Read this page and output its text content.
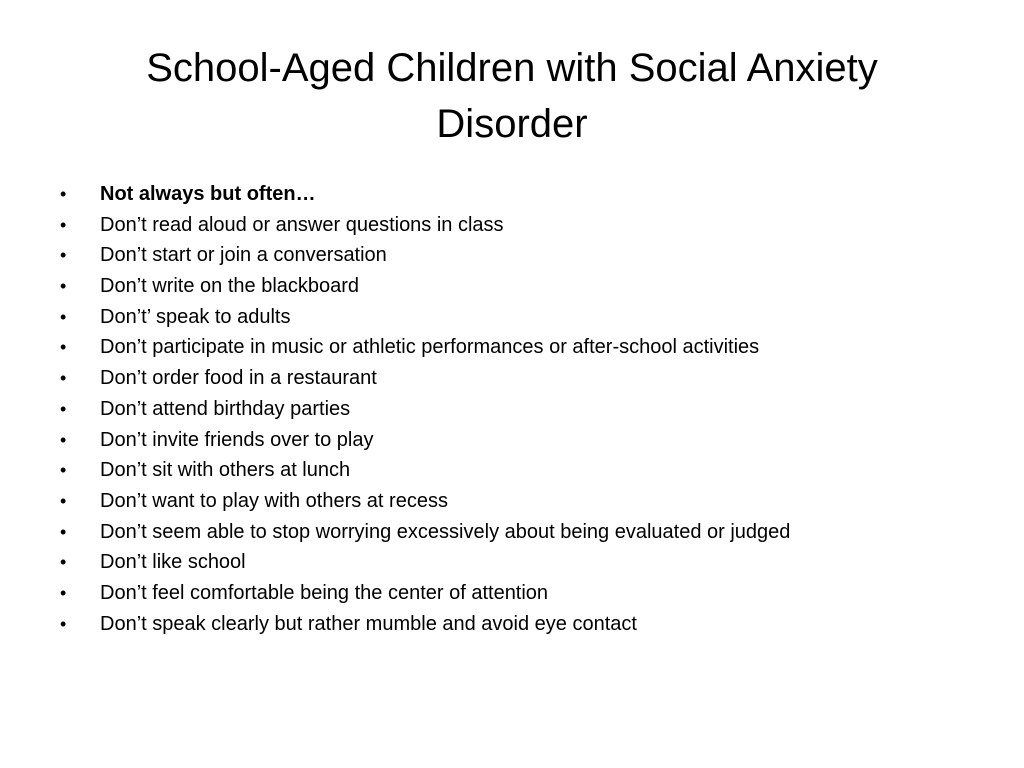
School-Aged Children with Social Anxiety
Disorder
•	Not always but often…
•	Don’t read aloud or answer questions in class
•	Don’t start or join a conversation
•	Don’t write on the blackboard
•	Don’t’ speak to adults
•	Don’t participate in music or athletic performances or after-school activities
•	Don’t order food in a restaurant
•	Don’t attend birthday parties
•	Don’t invite friends over to play
•	Don’t sit with others at lunch
•	Don’t want to play with others at recess
•	Don’t seem able to stop worrying excessively about being evaluated or judged
•	Don’t like school
•	Don’t feel comfortable being the center of attention
•	Don’t speak clearly but rather mumble and avoid eye contact
